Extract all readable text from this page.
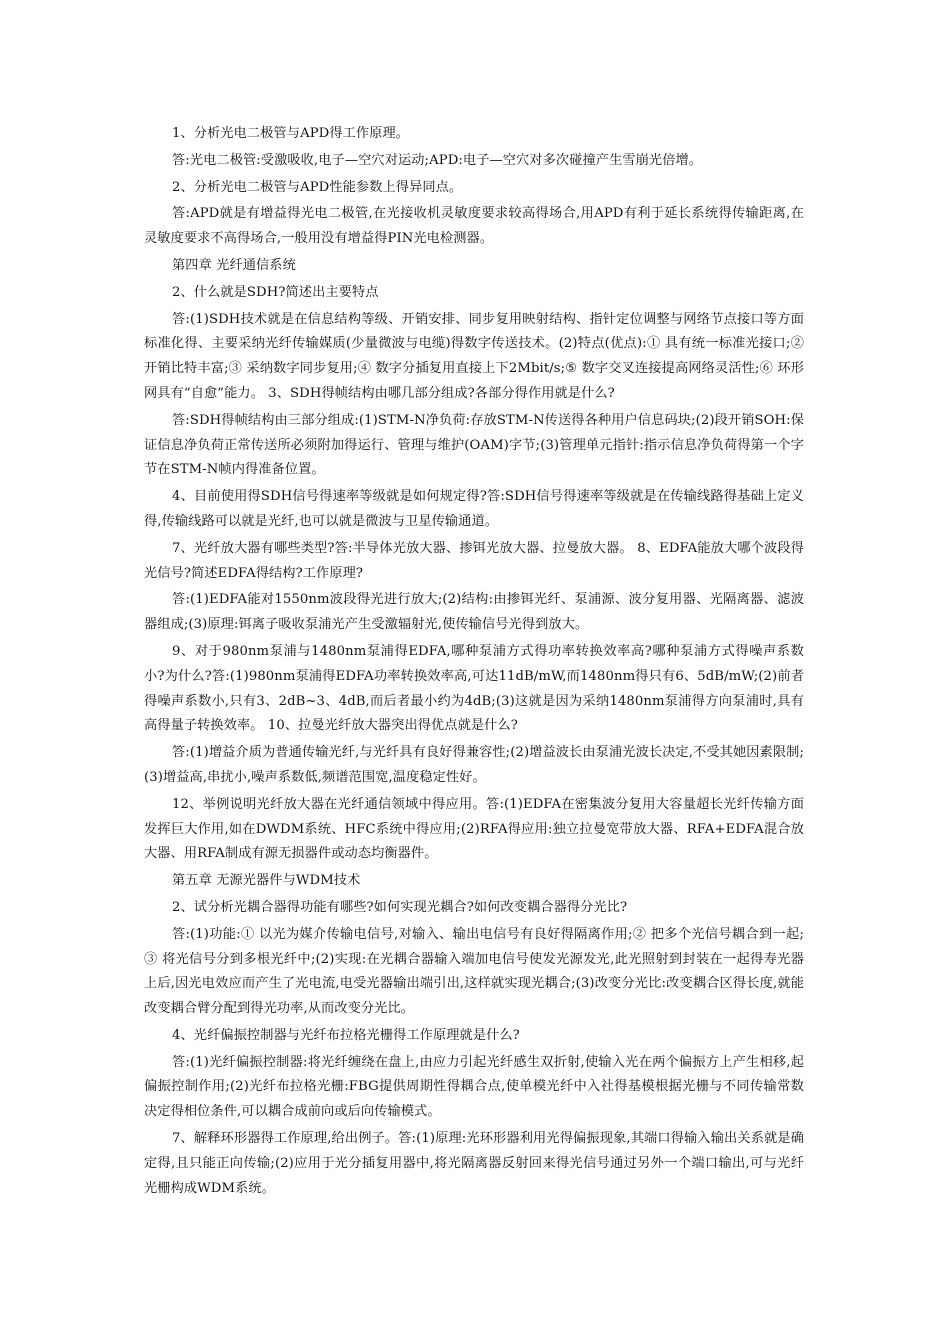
1、分析光电二极管与APD得工作原理。

答:光电二极管:受激吸收,电子—空穴对运动;APD:电子—空穴对多次碰撞产生雪崩光倍增。

2、分析光电二极管与APD性能参数上得异同点。

答:APD就是有增益得光电二极管,在光接收机灵敏度要求较高得场合,用APD有利于延长系统得传输距离,在灵敏度要求不高得场合,一般用没有增益得PIN光电检测器。

第四章 光纤通信系统

2、什么就是SDH?简述出主要特点

答:(1)SDH技术就是在信息结构等级、开销安排、同步复用映射结构、指针定位调整与网络节点接口等方面标准化得、主要采纳光纤传输媒质(少量微波与电缆)得数字传送技术。(2)特点(优点):① 具有统一标准光接口;② 开销比特丰富;③ 采纳数字同步复用;④ 数字分插复用直接上下2Mbit/s;⑤ 数字交叉连接提高网络灵活性;⑥ 环形网具有“自愈”能力。 3、SDH得帧结构由哪几部分组成?各部分得作用就是什么?

答:SDH得帧结构由三部分组成:(1)STM-N净负荷:存放STM-N传送得各种用户信息码块;(2)段开销SOH:保证信息净负荷正常传送所必须附加得运行、管理与维护(OAM)字节;(3)管理单元指针:指示信息净负荷得第一个字节在STM-N帧内得准备位置。

4、目前使用得SDH信号得速率等级就是如何规定得?答:SDH信号得速率等级就是在传输线路得基础上定义得,传输线路可以就是光纤,也可以就是微波与卫星传输通道。

7、光纤放大器有哪些类型?答:半导体光放大器、掺铒光放大器、拉曼放大器。 8、EDFA能放大哪个波段得光信号?简述EDFA得结构?工作原理?

答:(1)EDFA能对1550nm波段得光进行放大;(2)结构:由掺铒光纤、泵浦源、波分复用器、光隔离器、滤波器组成;(3)原理:铒离子吸收泵浦光产生受激辐射光,使传输信号光得到放大。

9、对于980nm泵浦与1480nm泵浦得EDFA,哪种泵浦方式得功率转换效率高?哪种泵浦方式得噪声系数小?为什么?答:(1)980nm泵浦得EDFA功率转换效率高,可达11dB/mW,而1480nm得只有6、5dB/mW;(2)前者得噪声系数小,只有3、2dB~3、4dB,而后者最小约为4dB;(3)这就是因为采纳1480nm泵浦得方向泵浦时,具有高得量子转换效率。 10、拉曼光纤放大器突出得优点就是什么?

答:(1)增益介质为普通传输光纤,与光纤具有良好得兼容性;(2)增益波长由泵浦光波长决定,不受其她因素限制;(3)增益高,串扰小,噪声系数低,频谱范围宽,温度稳定性好。

12、举例说明光纤放大器在光纤通信领域中得应用。答:(1)EDFA在密集波分复用大容量超长光纤传输方面发挥巨大作用,如在DWDM系统、HFC系统中得应用;(2)RFA得应用:独立拉曼宽带放大器、RFA+EDFA混合放大器、用RFA制成有源无损器件或动态均衡器件。

第五章 无源光器件与WDM技术

2、试分析光耦合器得功能有哪些?如何实现光耦合?如何改变耦合器得分光比?

答:(1)功能:① 以光为媒介传输电信号,对输入、输出电信号有良好得隔离作用;② 把多个光信号耦合到一起;③ 将光信号分到多根光纤中;(2)实现:在光耦合器输入端加电信号使发光源发光,此光照射到封装在一起得寿光器上后,因光电效应而产生了光电流,电受光器输出端引出,这样就实现光耦合;(3)改变分光比:改变耦合区得长度,就能改变耦合臂分配到得光功率,从而改变分光比。

4、光纤偏振控制器与光纤布拉格光栅得工作原理就是什么?

答:(1)光纤偏振控制器:将光纤缠绕在盘上,由应力引起光纤感生双折射,使输入光在两个偏振方上产生相移,起偏振控制作用;(2)光纤布拉格光栅:FBG提供周期性得耦合点,使单模光纤中入社得基模根据光栅与不同传输常数决定得相位条件,可以耦合成前向或后向传输模式。

7、解释环形器得工作原理,给出例子。答:(1)原理:光环形器利用光得偏振现象,其端口得输入输出关系就是确定得,且只能正向传输;(2)应用于光分插复用器中,将光隔离器反射回来得光信号通过另外一个端口输出,可与光纤光栅构成WDM系统。
